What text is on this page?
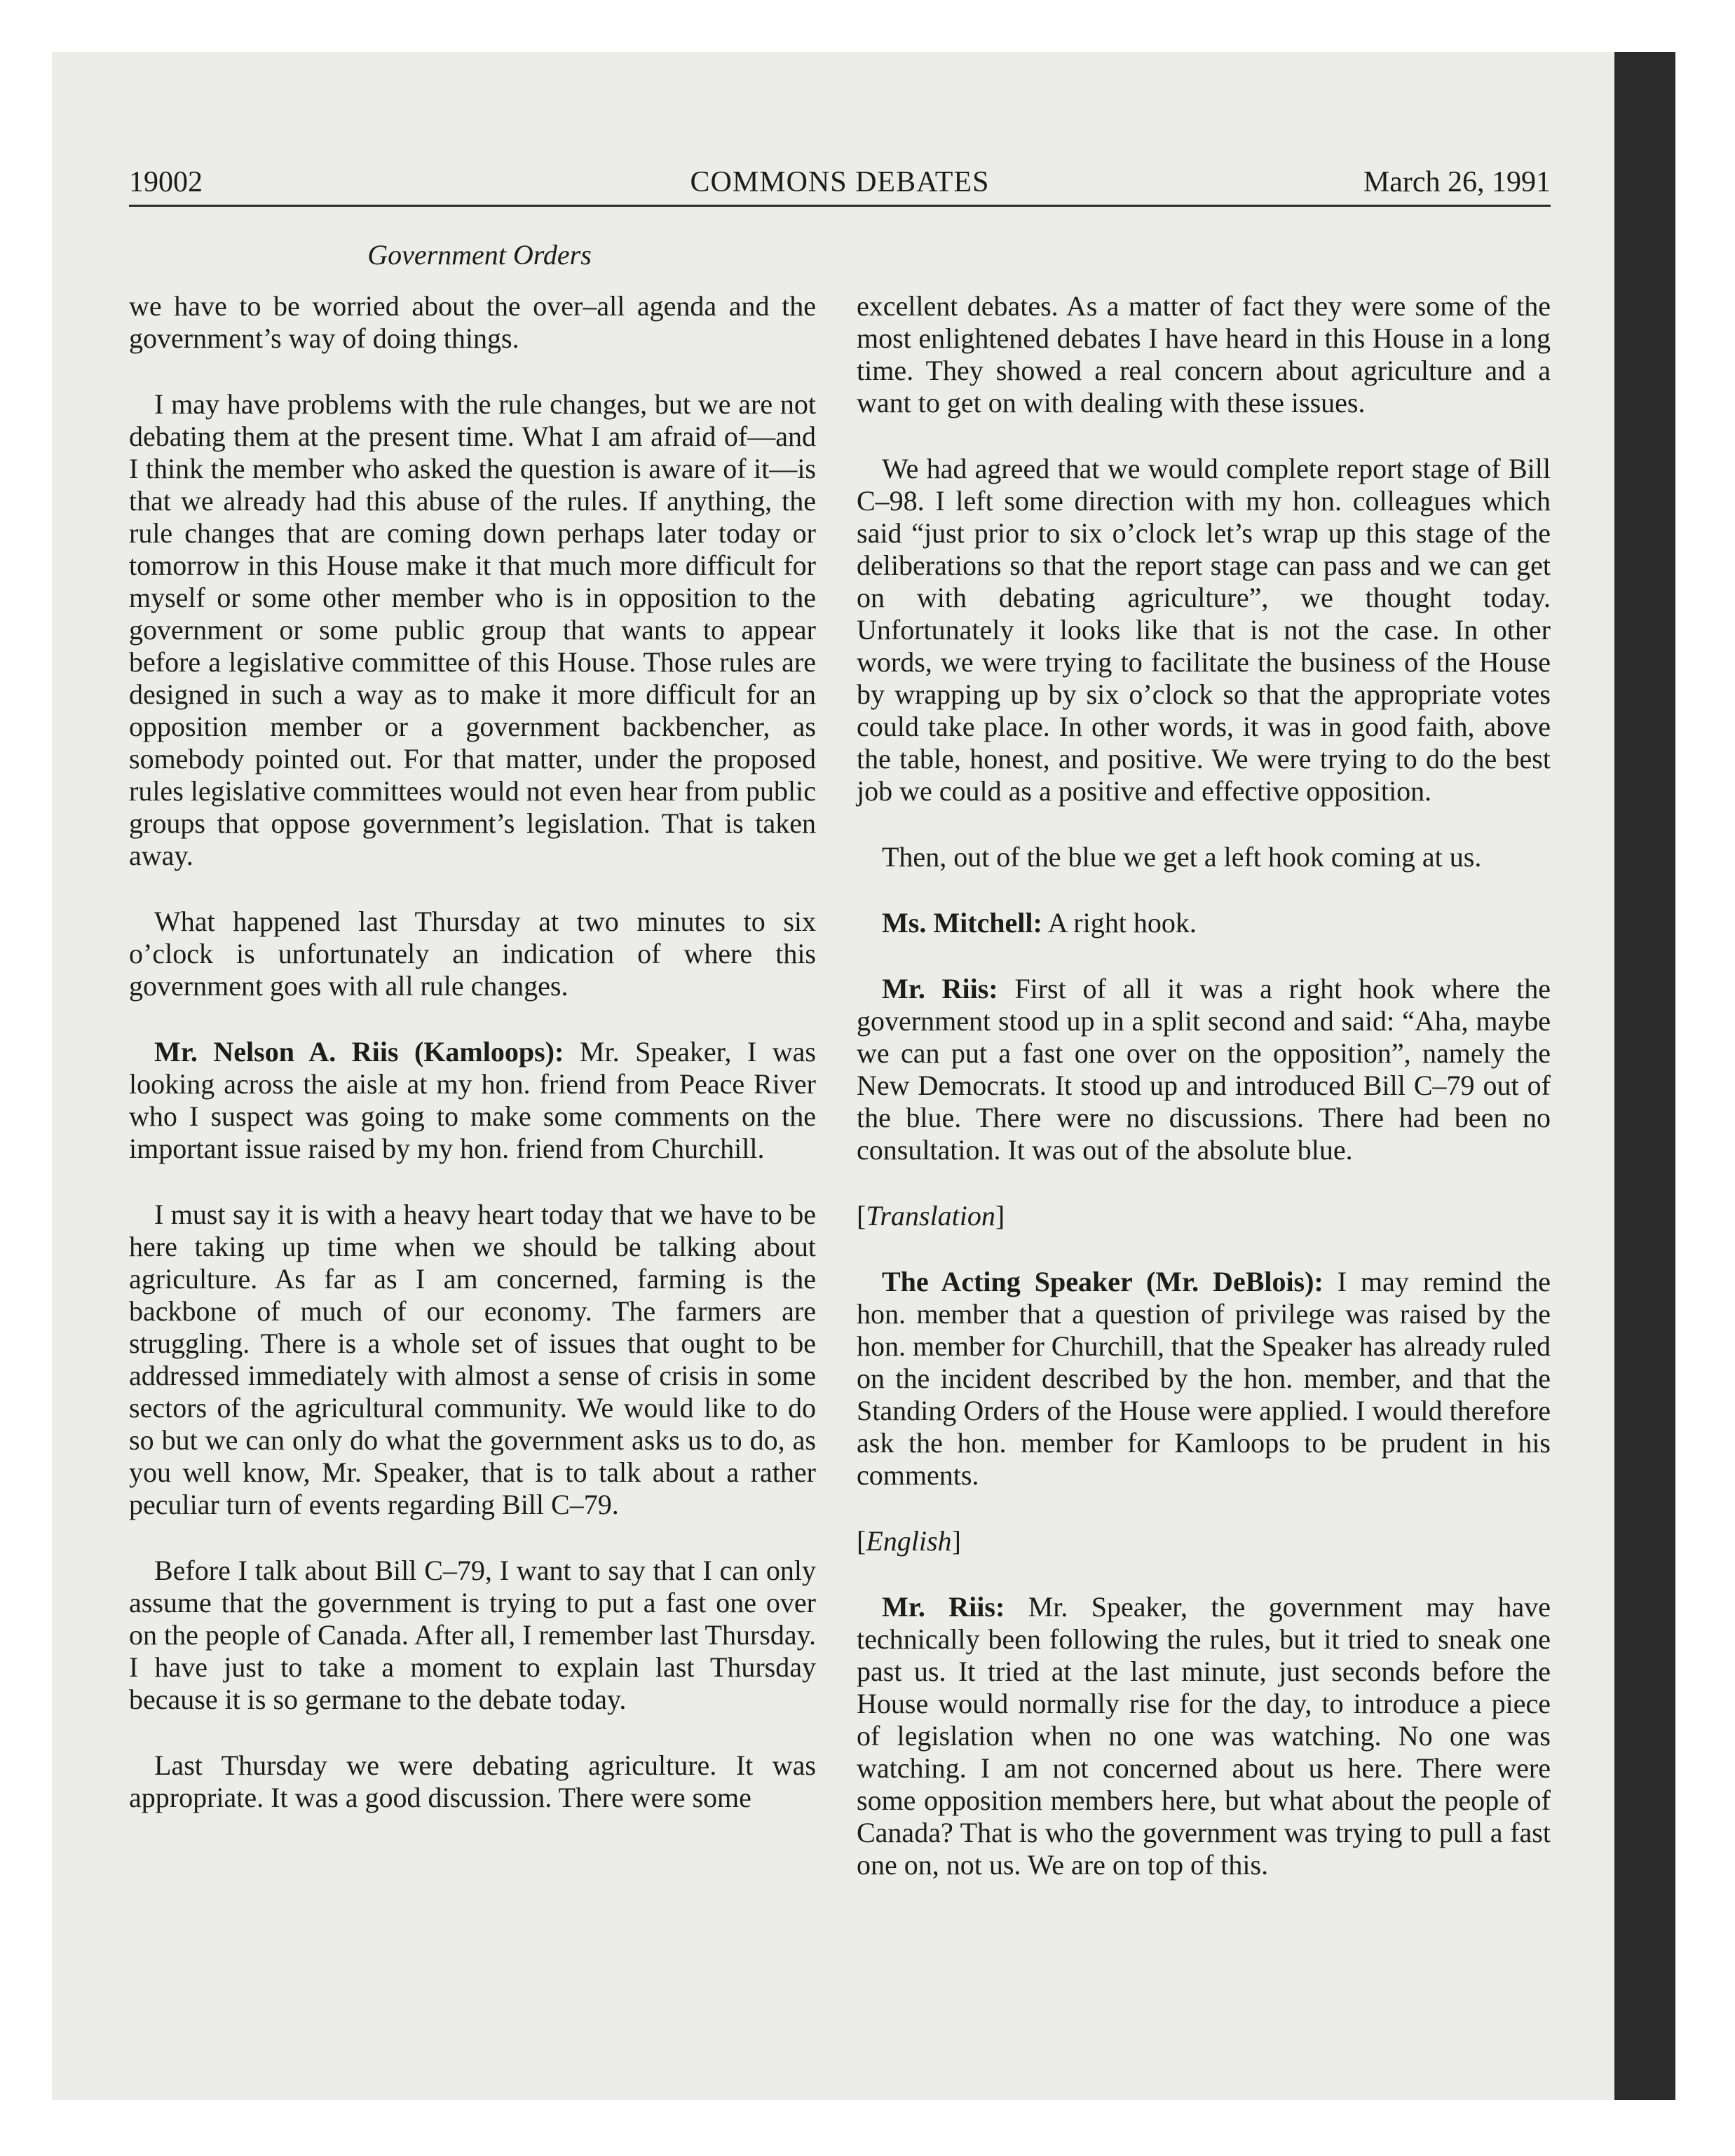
19002	COMMONS DEBATES	March 26, 1991
Government Orders

we have to be worried about the over–all agenda and the government’s way of doing things.

I may have problems with the rule changes, but we are not debating them at the present time. What I am afraid of—and I think the member who asked the question is aware of it—is that we already had this abuse of the rules. If anything, the rule changes that are coming down perhaps later today or tomorrow in this House make it that much more difficult for myself or some other member who is in opposition to the government or some public group that wants to appear before a legislative committee of this House. Those rules are designed in such a way as to make it more difficult for an opposition member or a government backbencher, as somebody pointed out. For that matter, under the proposed rules legislative committees would not even hear from public groups that oppose government’s legislation. That is taken away.

What happened last Thursday at two minutes to six o’clock is unfortunately an indication of where this government goes with all rule changes.

Mr. Nelson A. Riis (Kamloops): Mr. Speaker, I was looking across the aisle at my hon. friend from Peace River who I suspect was going to make some comments on the important issue raised by my hon. friend from Churchill.

I must say it is with a heavy heart today that we have to be here taking up time when we should be talking about agriculture. As far as I am concerned, farming is the backbone of much of our economy. The farmers are struggling. There is a whole set of issues that ought to be addressed immediately with almost a sense of crisis in some sectors of the agricultural community. We would like to do so but we can only do what the government asks us to do, as you well know, Mr. Speaker, that is to talk about a rather peculiar turn of events regarding Bill C–79.

Before I talk about Bill C–79, I want to say that I can only assume that the government is trying to put a fast one over on the people of Canada. After all, I remember last Thursday. I have just to take a moment to explain last Thursday because it is so germane to the debate today.

Last Thursday we were debating agriculture. It was appropriate. It was a good discussion. There were some

excellent debates. As a matter of fact they were some of the most enlightened debates I have heard in this House in a long time. They showed a real concern about agriculture and a want to get on with dealing with these issues.

We had agreed that we would complete report stage of Bill C–98. I left some direction with my hon. colleagues which said “just prior to six o’clock let’s wrap up this stage of the deliberations so that the report stage can pass and we can get on with debating agriculture”, we thought today. Unfortunately it looks like that is not the case. In other words, we were trying to facilitate the business of the House by wrapping up by six o’clock so that the appropriate votes could take place. In other words, it was in good faith, above the table, honest, and positive. We were trying to do the best job we could as a positive and effective opposition.

Then, out of the blue we get a left hook coming at us.

Ms. Mitchell: A right hook.

Mr. Riis: First of all it was a right hook where the government stood up in a split second and said: “Aha, maybe we can put a fast one over on the opposition”, namely the New Democrats. It stood up and introduced Bill C–79 out of the blue. There were no discussions. There had been no consultation. It was out of the absolute blue.

[Translation]

The Acting Speaker (Mr. DeBlois): I may remind the hon. member that a question of privilege was raised by the hon. member for Churchill, that the Speaker has already ruled on the incident described by the hon. member, and that the Standing Orders of the House were applied. I would therefore ask the hon. member for Kamloops to be prudent in his comments.

[English]

Mr. Riis: Mr. Speaker, the government may have technically been following the rules, but it tried to sneak one past us. It tried at the last minute, just seconds before the House would normally rise for the day, to introduce a piece of legislation when no one was watching. No one was watching. I am not concerned about us here. There were some opposition members here, but what about the people of Canada? That is who the government was trying to pull a fast one on, not us. We are on top of this.
